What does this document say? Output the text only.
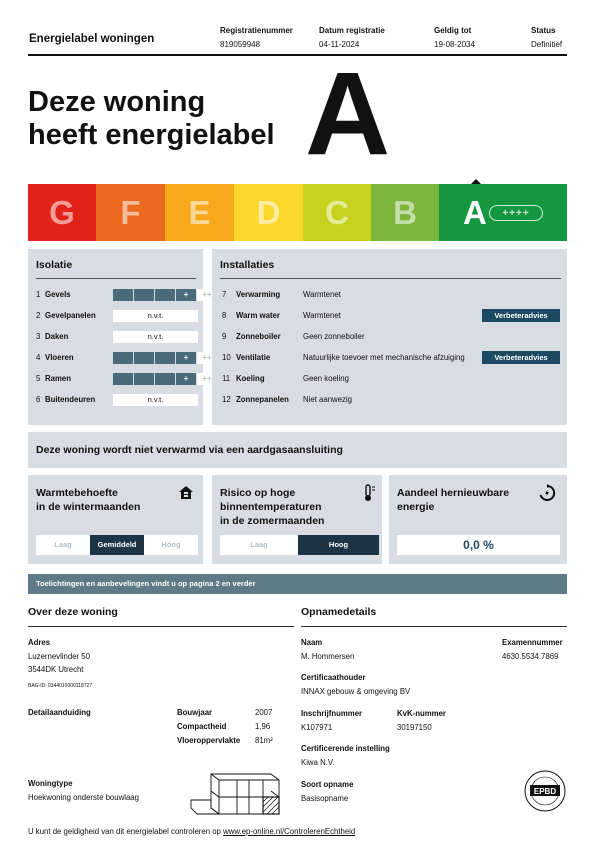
Energielabel woningen
Registratienummer
819059948
Datum registratie
04-11-2024
Geldig tot
19-08-2034
Status
Definitief
Deze woning
heeft energielabel A
G F E D C B A	++++
Isolatie
1 Gevels	+	++
2 Gevelpanelen	n.v.t.
3 Daken	n.v.t.
4 Vloeren	+	++
5 Ramen	+	++
6 Buitendeuren	n.v.t.
Installaties
7	Verwarming	Warmtenet
8	Warm water	Warmtenet	Verbeteradvies
9	Zonneboiler	Geen zonneboiler
10 Ventilatie	Natuurlijke toevoer met mechanische afzuiging	Verbeteradvies
11 Koeling	Geen koeling
12 Zonnepanelen Niet aanwezig
Deze woning wordt niet verwarmd via een aardgasaansluiting
Warmtebehoefte
in de wintermaanden
Laag	Gemiddeld	Hoog
Risico op hoge
binnentemperaturen
in de zomermaanden
Laag	Hoog
Aandeel hernieuwbare
energie
0,0 %
Toelichtingen en aanbevelingen vindt u op pagina 2 en verder
Over deze woning
Adres
Luzernevlinder 50
3544DK Utrecht
BAG-ID: 0344010000118727
Detailaanduiding	Bouwjaar	2007
Compactheid	1,96
Vloeroppervlakte 81m²
Woningtype
Hoekwoning onderste bouwlaag
Opnamedetails
Naam
M. Hommersen
Examennummer
4630.5534.7869
Certificaathouder
INNAX gebouw & omgeving BV
Inschrijfnummer
K107971
KvK-nummer
30197150
Certificerende instelling
Kiwa N.V.
Soort opname
Basisopname
EPBD
U kunt de geldigheid van dit energielabel controleren op www.ep-online.nl/ControlerenEchtheid
